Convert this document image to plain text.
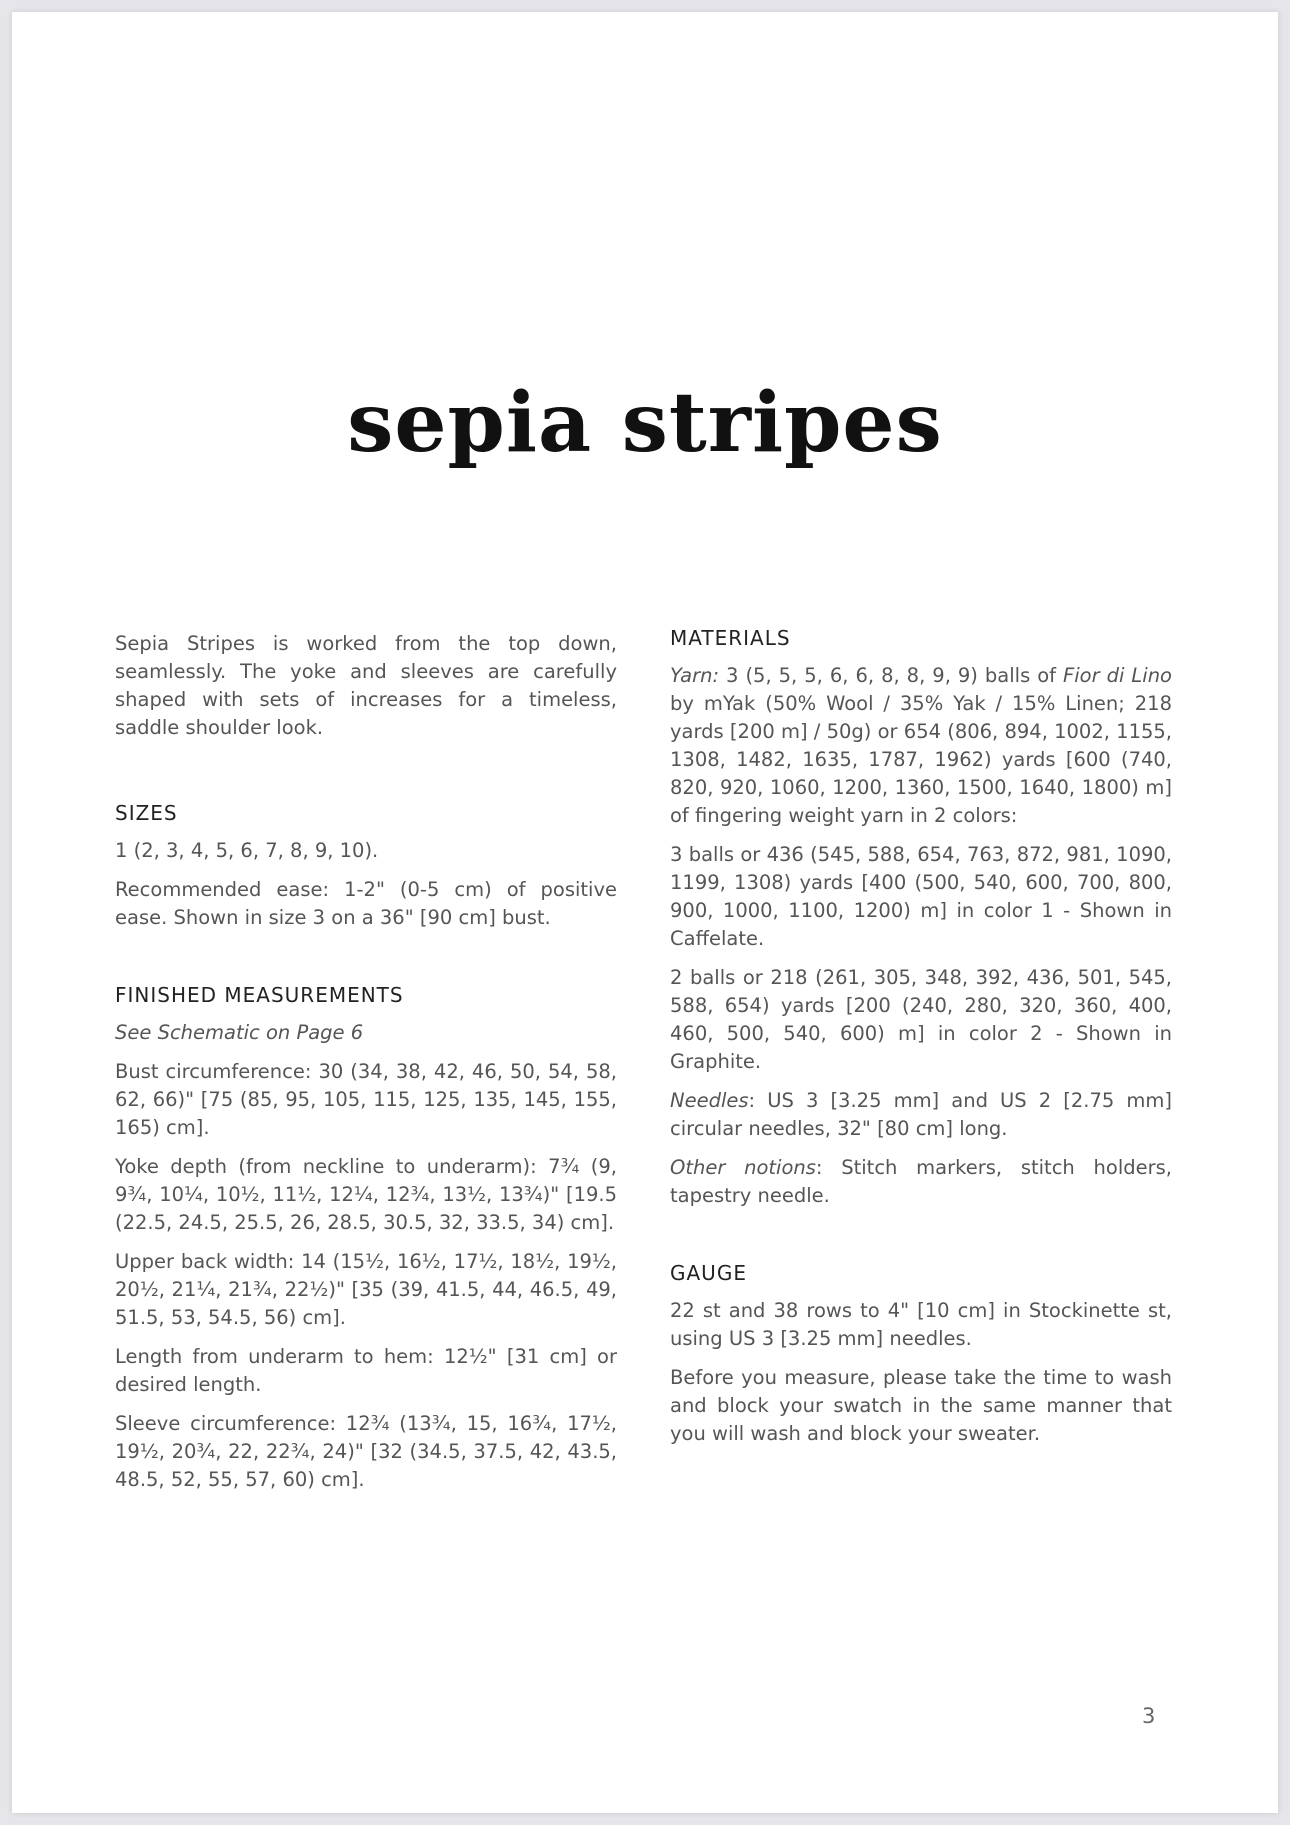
sepia stripes

Sepia Stripes is worked from the top down, seamlessly. The yoke and sleeves are carefully shaped with sets of increases for a timeless, saddle shoulder look.

SIZES

1 (2, 3, 4, 5, 6, 7, 8, 9, 10).

Recommended ease: 1-2" (0-5 cm) of positive ease. Shown in size 3 on a 36" [90 cm] bust.

FINISHED MEASUREMENTS

See Schematic on Page 6

Bust circumference: 30 (34, 38, 42, 46, 50, 54, 58, 62, 66)" [75 (85, 95, 105, 115, 125, 135, 145, 155, 165) cm].

Yoke depth (from neckline to underarm): 7¾ (9, 9¾, 10¼, 10½, 11½, 12¼, 12¾, 13½, 13¾)" [19.5 (22.5, 24.5, 25.5, 26, 28.5, 30.5, 32, 33.5, 34) cm].

Upper back width: 14 (15½, 16½, 17½, 18½, 19½, 20½, 21¼, 21¾, 22½)" [35 (39, 41.5, 44, 46.5, 49, 51.5, 53, 54.5, 56) cm].

Length from underarm to hem: 12½" [31 cm] or desired length.

Sleeve circumference: 12¾ (13¾, 15, 16¾, 17½, 19½, 20¾, 22, 22¾, 24)" [32 (34.5, 37.5, 42, 43.5, 48.5, 52, 55, 57, 60) cm].

MATERIALS

Yarn: 3 (5, 5, 5, 6, 6, 8, 8, 9, 9) balls of Fior di Lino by mYak (50% Wool / 35% Yak / 15% Linen; 218 yards [200 m] / 50g) or 654 (806, 894, 1002, 1155, 1308, 1482, 1635, 1787, 1962) yards [600 (740, 820, 920, 1060, 1200, 1360, 1500, 1640, 1800) m] of fingering weight yarn in 2 colors:

3 balls or 436 (545, 588, 654, 763, 872, 981, 1090, 1199, 1308) yards [400 (500, 540, 600, 700, 800, 900, 1000, 1100, 1200) m] in color 1 - Shown in Caffelate.

2 balls or 218 (261, 305, 348, 392, 436, 501, 545, 588, 654) yards [200 (240, 280, 320, 360, 400, 460, 500, 540, 600) m] in color 2 - Shown in Graphite.

Needles: US 3 [3.25 mm] and US 2 [2.75 mm] circular needles, 32" [80 cm] long.

Other notions: Stitch markers, stitch holders, tapestry needle.

GAUGE

22 st and 38 rows to 4" [10 cm] in Stockinette st, using US 3 [3.25 mm] needles.

Before you measure, please take the time to wash and block your swatch in the same manner that you will wash and block your sweater.

3
